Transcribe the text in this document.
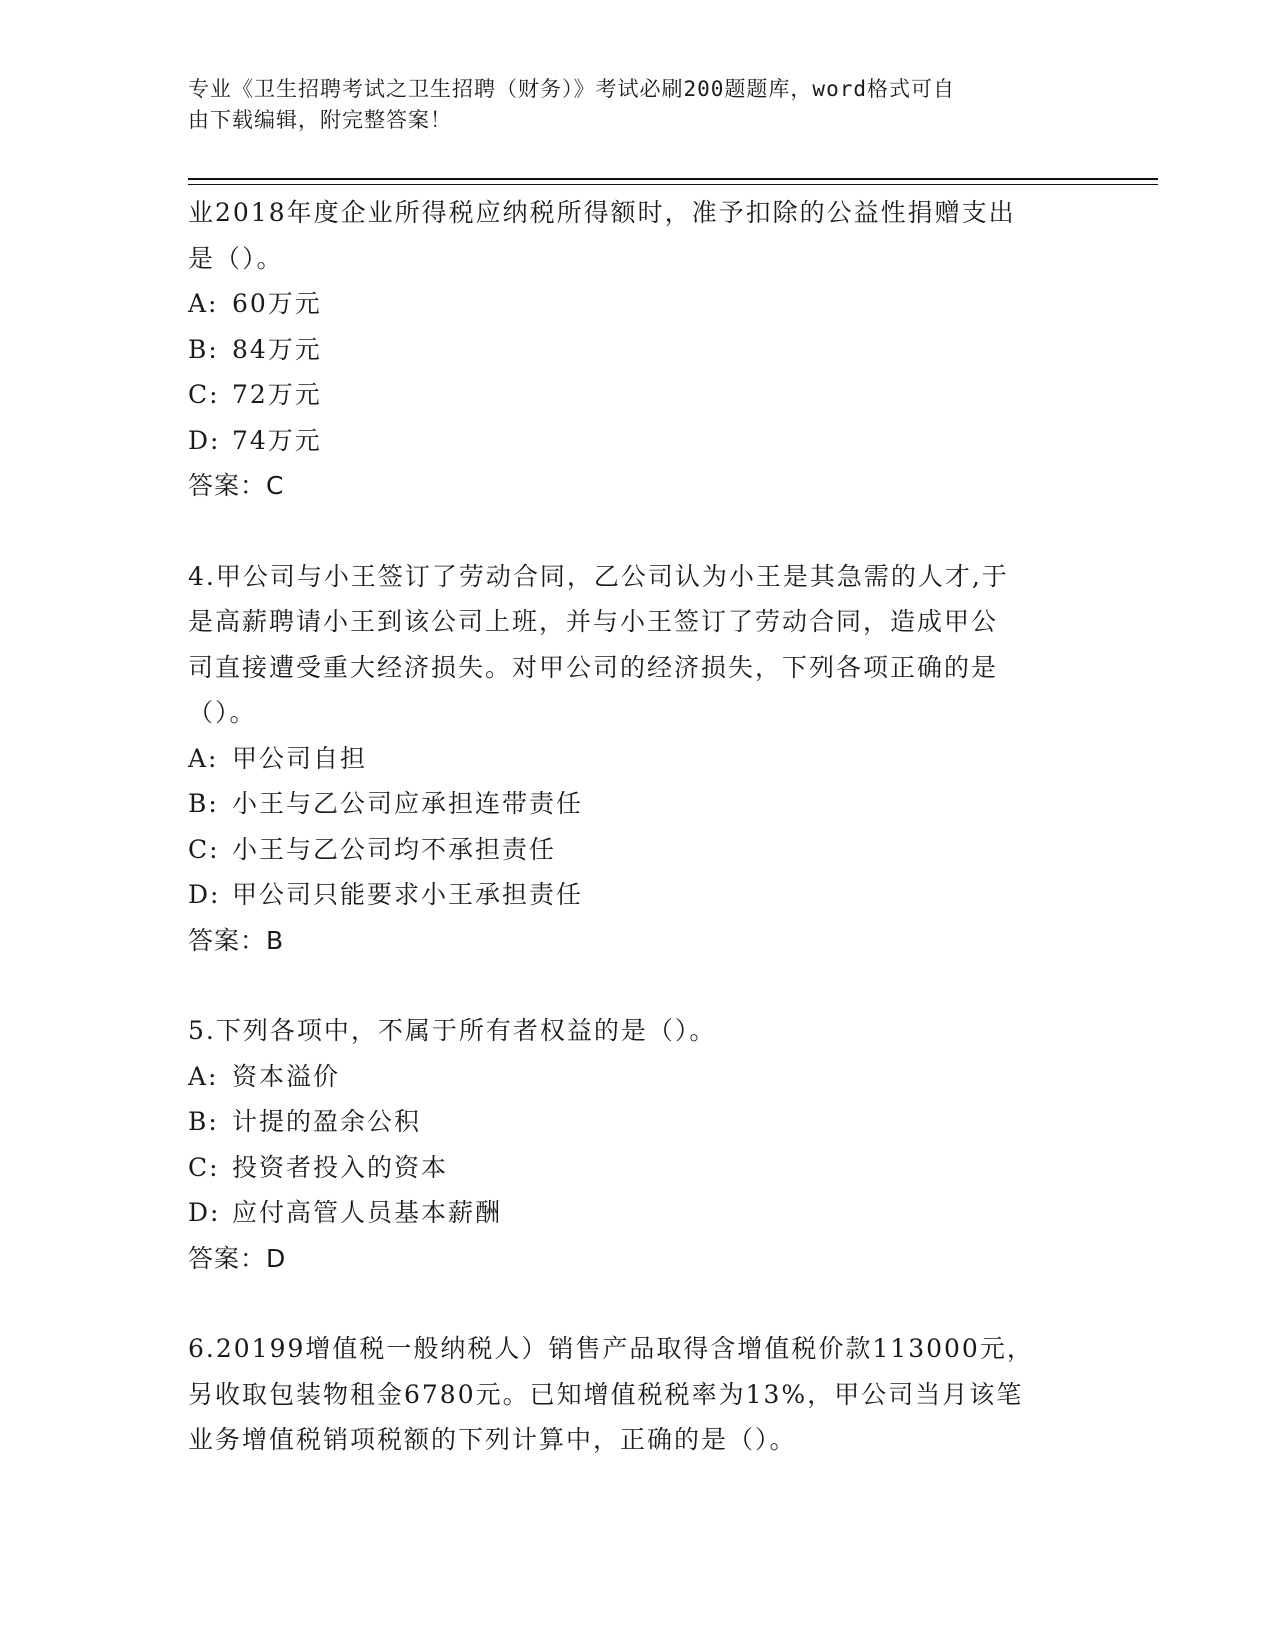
专业《卫生招聘考试之卫生招聘（财务）》考试必刷200题题库，word格式可自
由下载编辑，附完整答案！
业2018年度企业所得税应纳税所得额时，准予扣除的公益性捐赠支出
是（）。
A: 60万元
B: 84万元
C: 72万元
D: 74万元
答案：C
4.甲公司与小王签订了劳动合同，乙公司认为小王是其急需的人才,于
是高薪聘请小王到该公司上班，并与小王签订了劳动合同，造成甲公
司直接遭受重大经济损失。对甲公司的经济损失，下列各项正确的是
（）。
A: 甲公司自担
B: 小王与乙公司应承担连带责任
C: 小王与乙公司均不承担责任
D: 甲公司只能要求小王承担责任
答案：B
5.下列各项中，不属于所有者权益的是（）。
A: 资本溢价
B: 计提的盈余公积
C: 投资者投入的资本
D: 应付高管人员基本薪酬
答案：D
6.20199增值税一般纳税人）销售产品取得含增值税价款113000元，
另收取包装物租金6780元。已知增值税税率为13%，甲公司当月该笔
业务增值税销项税额的下列计算中，正确的是（）。
